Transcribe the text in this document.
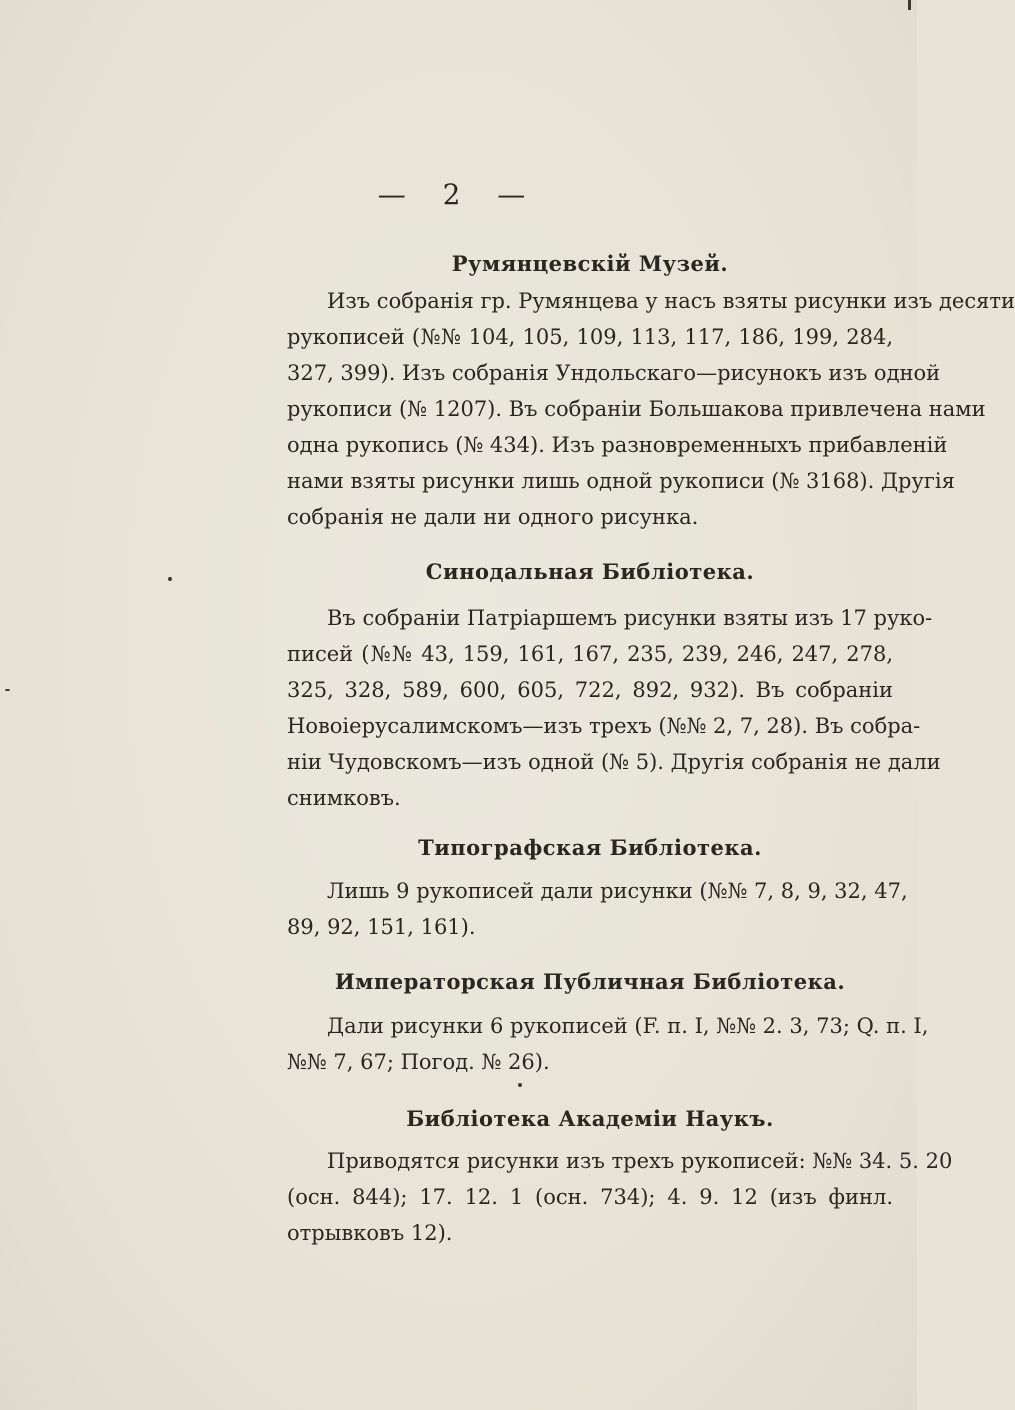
— 2 —
Румянцевскій Музей.
Изъ собранія гр. Румянцева у насъ взяты рисунки изъ десяти
рукописей (№№ 104, 105, 109, 113, 117, 186, 199, 284,
327, 399). Изъ собранія Ундольскаго—рисунокъ изъ одной
рукописи (№ 1207). Въ собраніи Большакова привлечена нами
одна рукопись (№ 434). Изъ разновременныхъ прибавленій
нами взяты рисунки лишь одной рукописи (№ 3168). Другія
собранія не дали ни одного рисунка.
Синодальная Библіотека.
Въ собраніи Патріаршемъ рисунки взяты изъ 17 руко-
писей (№№ 43, 159, 161, 167, 235, 239, 246, 247, 278,
325, 328, 589, 600, 605, 722, 892, 932). Въ собраніи
Новоіерусалимскомъ—изъ трехъ (№№ 2, 7, 28). Въ собра-
ніи Чудовскомъ—изъ одной (№ 5). Другія собранія не дали
снимковъ.
Типографская Библіотека.
Лишь 9 рукописей дали рисунки (№№ 7, 8, 9, 32, 47,
89, 92, 151, 161).
Императорская Публичная Библіотека.
Дали рисунки 6 рукописей (F. п. I, №№ 2. 3, 73; Q. п. I,
№№ 7, 67; Погод. № 26).
Библіотека Академіи Наукъ.
Приводятся рисунки изъ трехъ рукописей: №№ 34. 5. 20
(осн. 844); 17. 12. 1 (осн. 734); 4. 9. 12 (изъ финл.
отрывковъ 12).
